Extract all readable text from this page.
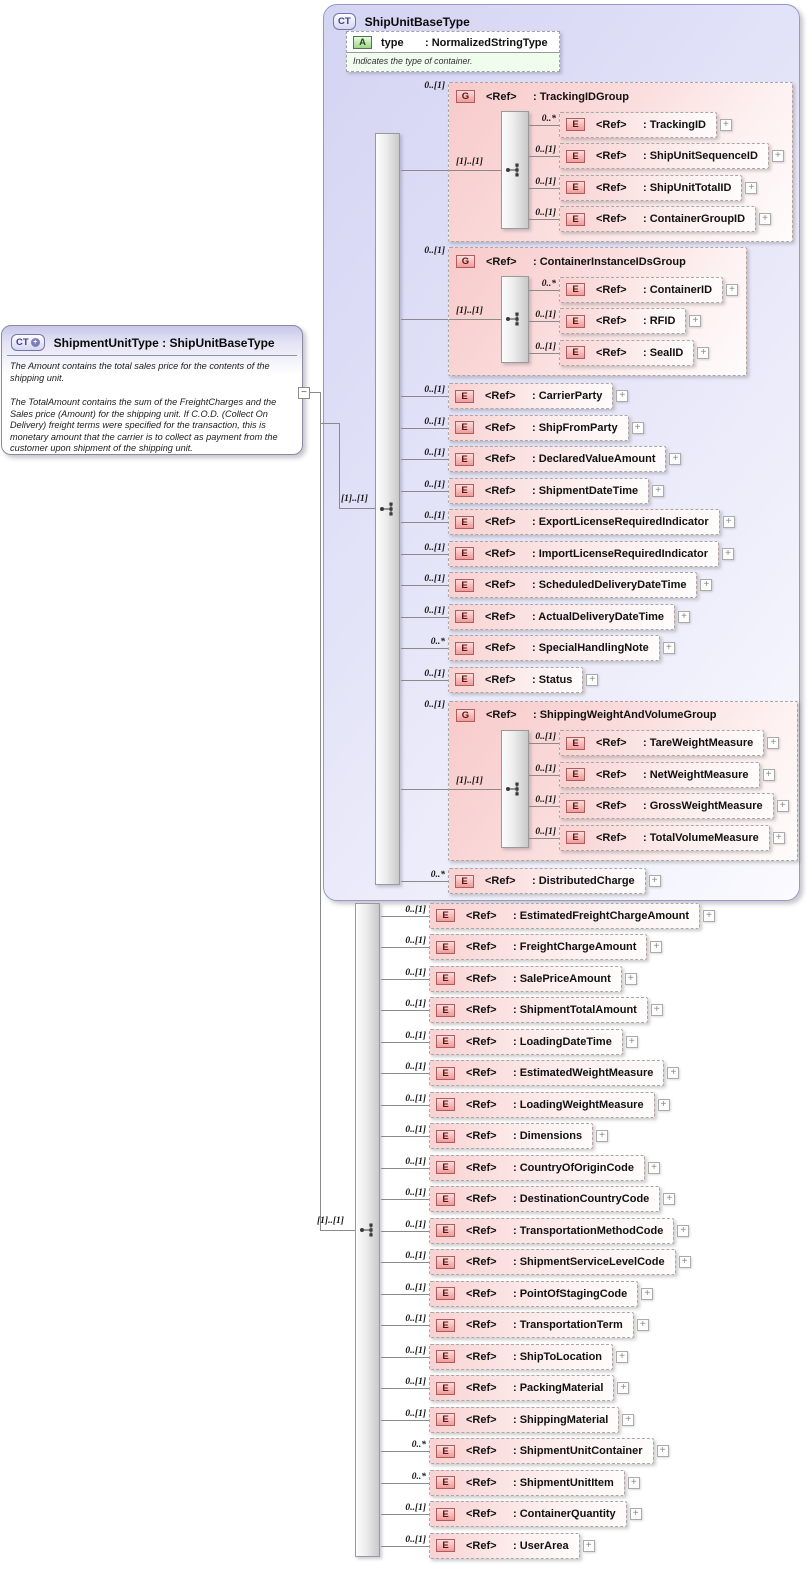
CT ShipUnitBaseType
A	type	: NormalizedStringType
Indicates the type of container.
CT + ShipmentUnitType : ShipUnitBaseType

The Amount contains the total sales price for the contents of the shipping unit.

The TotalAmount contains the sum of the FreightCharges and the Sales price (Amount) for the shipping unit. If C.O.D. (Collect On Delivery) freight terms were specified for the transaction, this is monetary amount that the carrier is to collect as payment from the customer upon shipment of the shipping unit.

−
[1]..[1]
[1]..[1]
0..[1]
G	<Ref>	: TrackingIDGroup
[1]..[1]
0..*
E	<Ref>	: TrackingID	+
0..[1]
E	<Ref>	: ShipUnitSequenceID	+
0..[1]
E	<Ref>	: ShipUnitTotalID	+
0..[1]
E	<Ref>	: ContainerGroupID	+
0..[1]
G	<Ref>	: ContainerInstanceIDsGroup
[1]..[1]
0..*
E	<Ref>	: ContainerID	+
0..[1]
E	<Ref>	: RFID	+
0..[1]
E	<Ref>	: SealID	+
0..[1]
E	<Ref>	: CarrierParty	+
0..[1]
E	<Ref>	: ShipFromParty	+
0..[1]
E	<Ref>	: DeclaredValueAmount	+
0..[1]
E	<Ref>	: ShipmentDateTime	+
0..[1]
E	<Ref>	: ExportLicenseRequiredIndicator	+
0..[1]
E	<Ref>	: ImportLicenseRequiredIndicator	+
0..[1]
E	<Ref>	: ScheduledDeliveryDateTime	+
0..[1]
E	<Ref>	: ActualDeliveryDateTime	+
0..*
E	<Ref>	: SpecialHandlingNote	+
0..[1]
E	<Ref>	: Status	+
0..[1]
G	<Ref>	: ShippingWeightAndVolumeGroup
[1]..[1]
0..[1]
E	<Ref>	: TareWeightMeasure	+
0..[1]
E	<Ref>	: NetWeightMeasure	+
0..[1]
E	<Ref>	: GrossWeightMeasure	+
0..[1]
E	<Ref>	: TotalVolumeMeasure	+
0..*
E	<Ref>	: DistributedCharge	+
0..[1]
E	<Ref>	: EstimatedFreightChargeAmount	+
0..[1]
E	<Ref>	: FreightChargeAmount	+
0..[1]
E	<Ref>	: SalePriceAmount	+
0..[1]
E	<Ref>	: ShipmentTotalAmount	+
0..[1]
E	<Ref>	: LoadingDateTime	+
0..[1]
E	<Ref>	: EstimatedWeightMeasure	+
0..[1]
E	<Ref>	: LoadingWeightMeasure	+
0..[1]
E	<Ref>	: Dimensions	+
0..[1]
E	<Ref>	: CountryOfOriginCode	+
0..[1]
E	<Ref>	: DestinationCountryCode	+
0..[1]
E	<Ref>	: TransportationMethodCode	+
0..[1]
E	<Ref>	: ShipmentServiceLevelCode	+
0..[1]
E	<Ref>	: PointOfStagingCode	+
0..[1]
E	<Ref>	: TransportationTerm	+
0..[1]
E	<Ref>	: ShipToLocation	+
0..[1]
E	<Ref>	: PackingMaterial	+
0..[1]
E	<Ref>	: ShippingMaterial	+
0..*
E	<Ref>	: ShipmentUnitContainer	+
0..*
E	<Ref>	: ShipmentUnitItem	+
0..[1]
E	<Ref>	: ContainerQuantity	+
0..[1]
E	<Ref>	: UserArea	+
